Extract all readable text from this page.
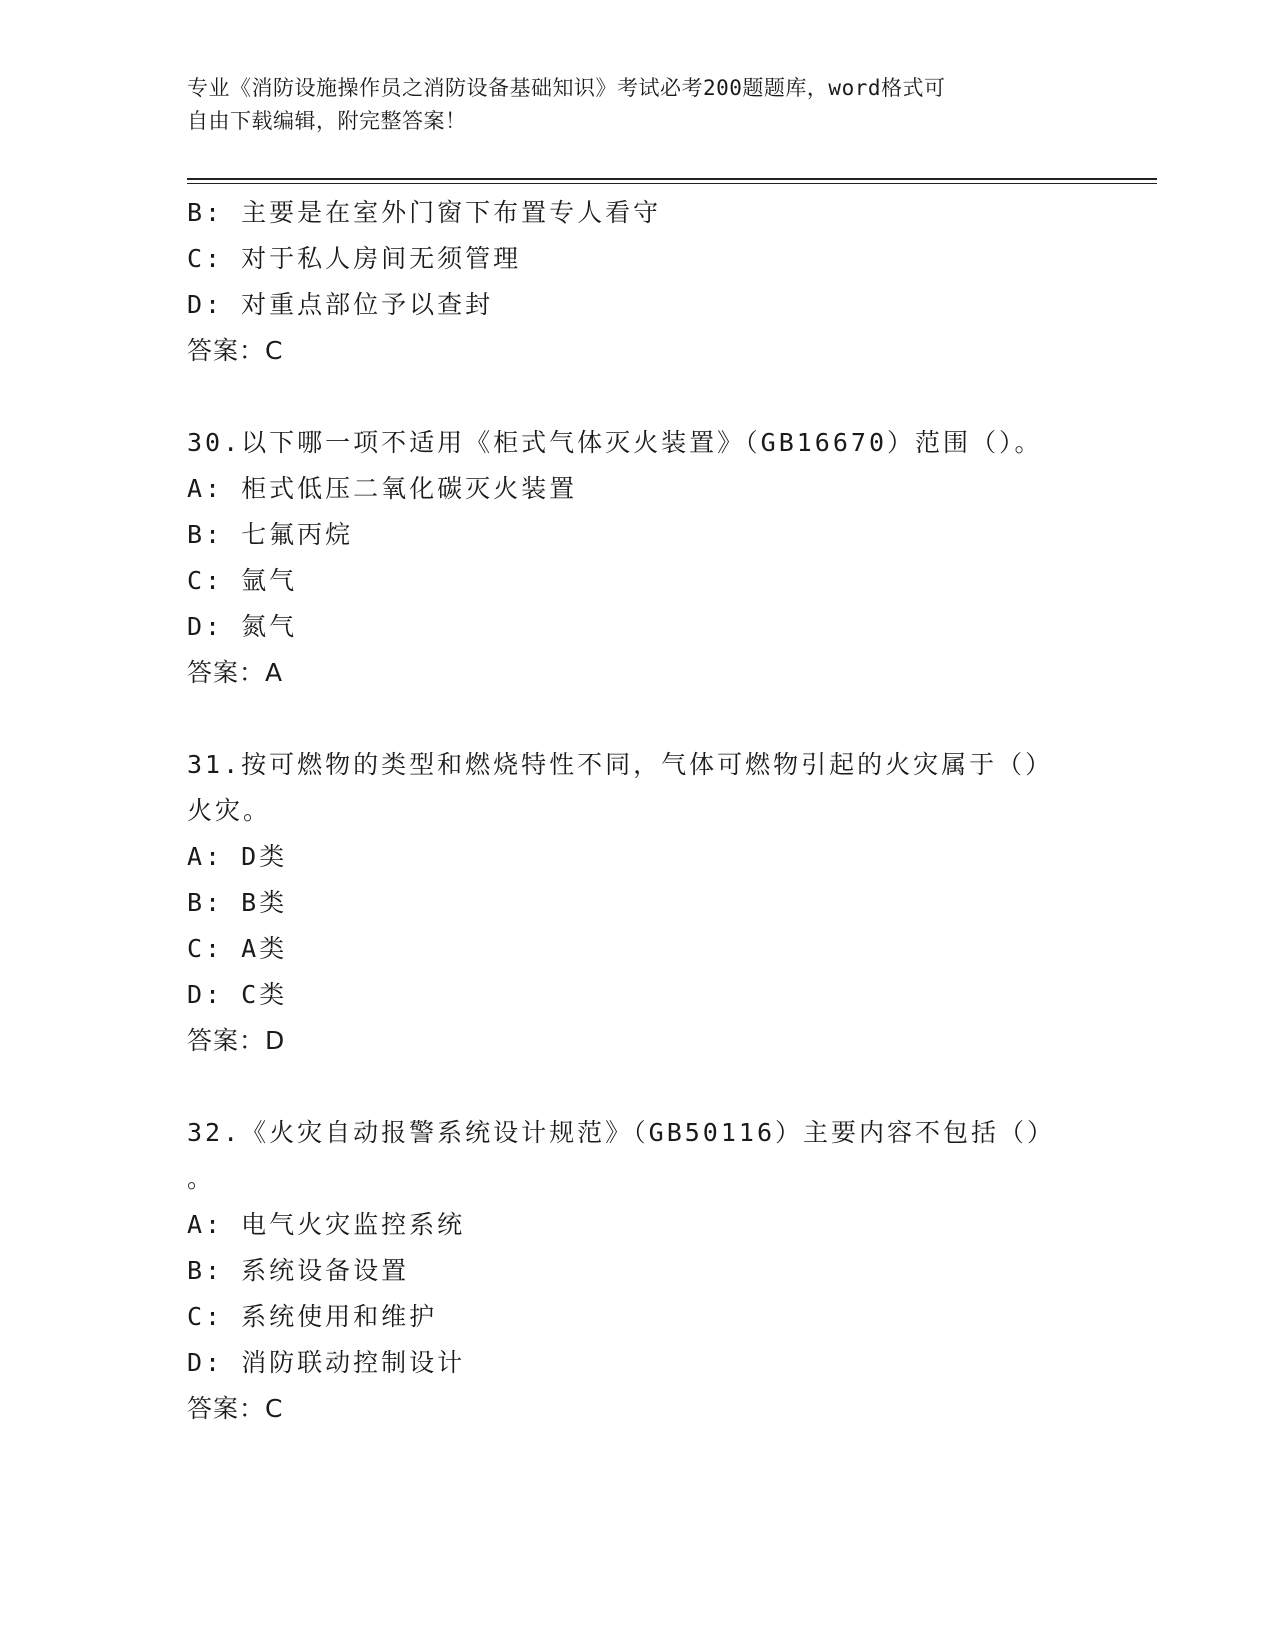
专业《消防设施操作员之消防设备基础知识》考试必考200题题库，word格式可
自由下载编辑，附完整答案！
B: 主要是在室外门窗下布置专人看守
C: 对于私人房间无须管理
D: 对重点部位予以查封
答案：C
30.以下哪一项不适用《柜式气体灭火装置》（GB16670）范围（）。
A: 柜式低压二氧化碳灭火装置
B: 七氟丙烷
C: 氩气
D: 氮气
答案：A
31.按可燃物的类型和燃烧特性不同，气体可燃物引起的火灾属于（）
火灾。
A: D类
B: B类
C: A类
D: C类
答案：D
32.《火灾自动报警系统设计规范》（GB50116）主要内容不包括（）
。
A: 电气火灾监控系统
B: 系统设备设置
C: 系统使用和维护
D: 消防联动控制设计
答案：C
